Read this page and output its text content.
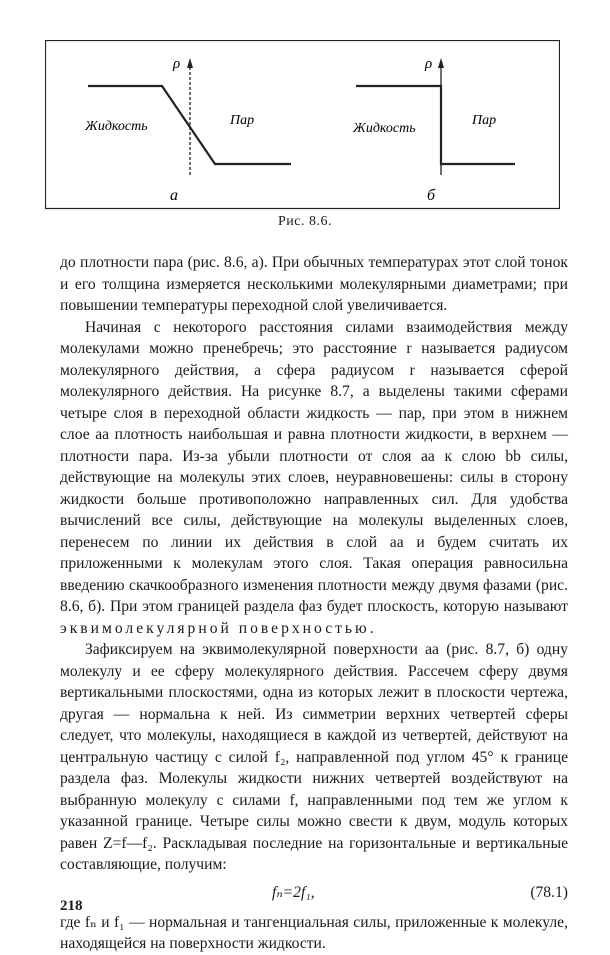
ρ
Жидкость	Пар
а
ρ
Жидкость
Пар
б
Рис. 8.6.

до плотности пара (рис. 8.6, а). При обычных температурах этот слой тонок и его толщина измеряется несколькими молекулярными диаметрами; при повышении температуры переходной слой увеличивается.

Начиная с некоторого расстояния силами взаимодействия между молекулами можно пренебречь; это расстояние r называется радиусом молекулярного действия, а сфера радиусом r называется сферой молекулярного действия. На рисунке 8.7, а выделены такими сферами четыре слоя в переходной области жидкость — пар, при этом в нижнем слое aa плотность наибольшая и равна плотности жидкости, в верхнем — плотности пара. Из-за убыли плотности от слоя aa к слою bb силы, действующие на молекулы этих слоев, неуравновешены: силы в сторону жидкости больше противоположно направленных сил. Для удобства вычислений все силы, действующие на молекулы выделенных слоев, перенесем по линии их действия в слой aa и будем считать их приложенными к молекулам этого слоя. Такая операция равносильна введению скачкообразного изменения плотности между двумя фазами (рис. 8.6, б). При этом границей раздела фаз будет плоскость, которую называют эквимолекулярной поверхностью.

Зафиксируем на эквимолекулярной поверхности aa (рис. 8.7, б) одну молекулу и ее сферу молекулярного действия. Рассечем сферу двумя вертикальными плоскостями, одна из которых лежит в плоскости чертежа, другая — нормальна к ней. Из симметрии верхних четвертей сферы следует, что молекулы, находящиеся в каждой из четвертей, действуют на центральную частицу с силой f₂, направленной под углом 45° к границе раздела фаз. Молекулы жидкости нижних четвертей воздействуют на выбранную молекулу с силами f, направленными под тем же углом к указанной границе. Четыре силы можно свести к двум, модуль которых равен Z=f—f₂. Раскладывая последние на горизонтальные и вертикальные составляющие, получим:

fₙ=2f₁,	(78.1)

где fₙ и f₁ — нормальная и тангенциальная силы, приложенные к молекуле, находящейся на поверхности жидкости.

218
